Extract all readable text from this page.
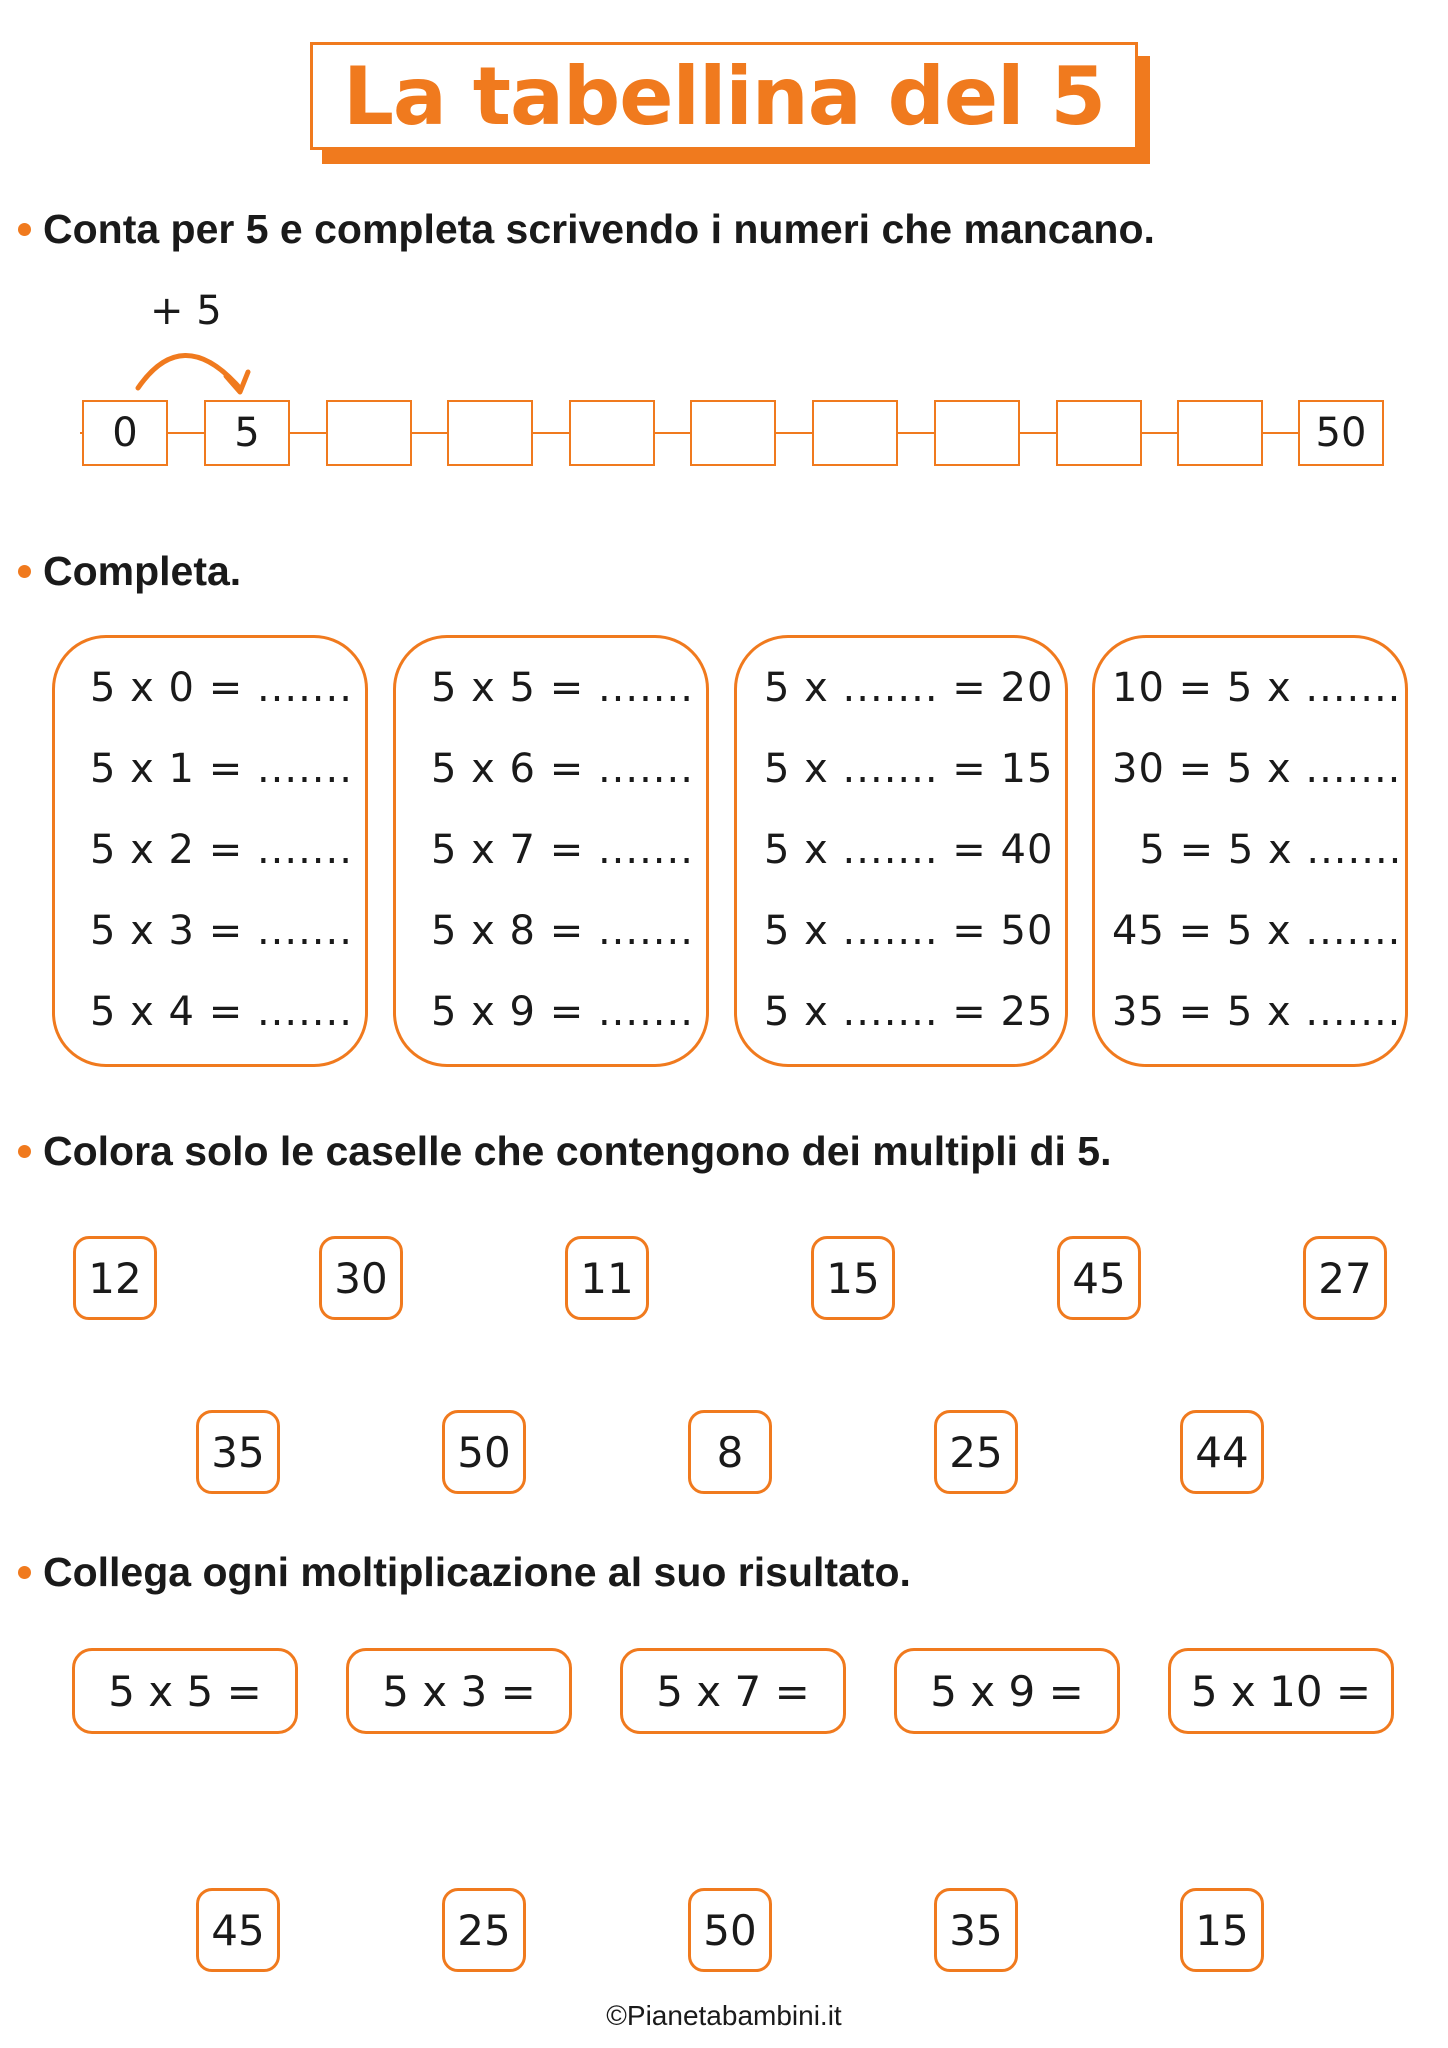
La tabellina del 5
Conta per 5 e completa scrivendo i numeri che mancano.
+ 5
0	5	50
Completa.
5 x 0 = .......
5 x 1 = .......
5 x 2 = .......
5 x 3 = .......
5 x 4 = .......
5 x 5 = .......
5 x 6 = .......
5 x 7 = .......
5 x 8 = .......
5 x 9 = .......
5 x ....... = 20
5 x ....... = 15
5 x ....... = 40
5 x ....... = 50
5 x ....... = 25
10 = 5 x .......
30 = 5 x .......
5 = 5 x .......
45 = 5 x .......
35 = 5 x .......
Colora solo le caselle che contengono dei multipli di 5.
12	30	11	15	45	27
35	50	8	25	44
Collega ogni moltiplicazione al suo risultato.
5 x 5 =	5 x 3 =	5 x 7 =	5 x 9 =	5 x 10 =
45	25	50	35	15
©Pianetabambini.it
